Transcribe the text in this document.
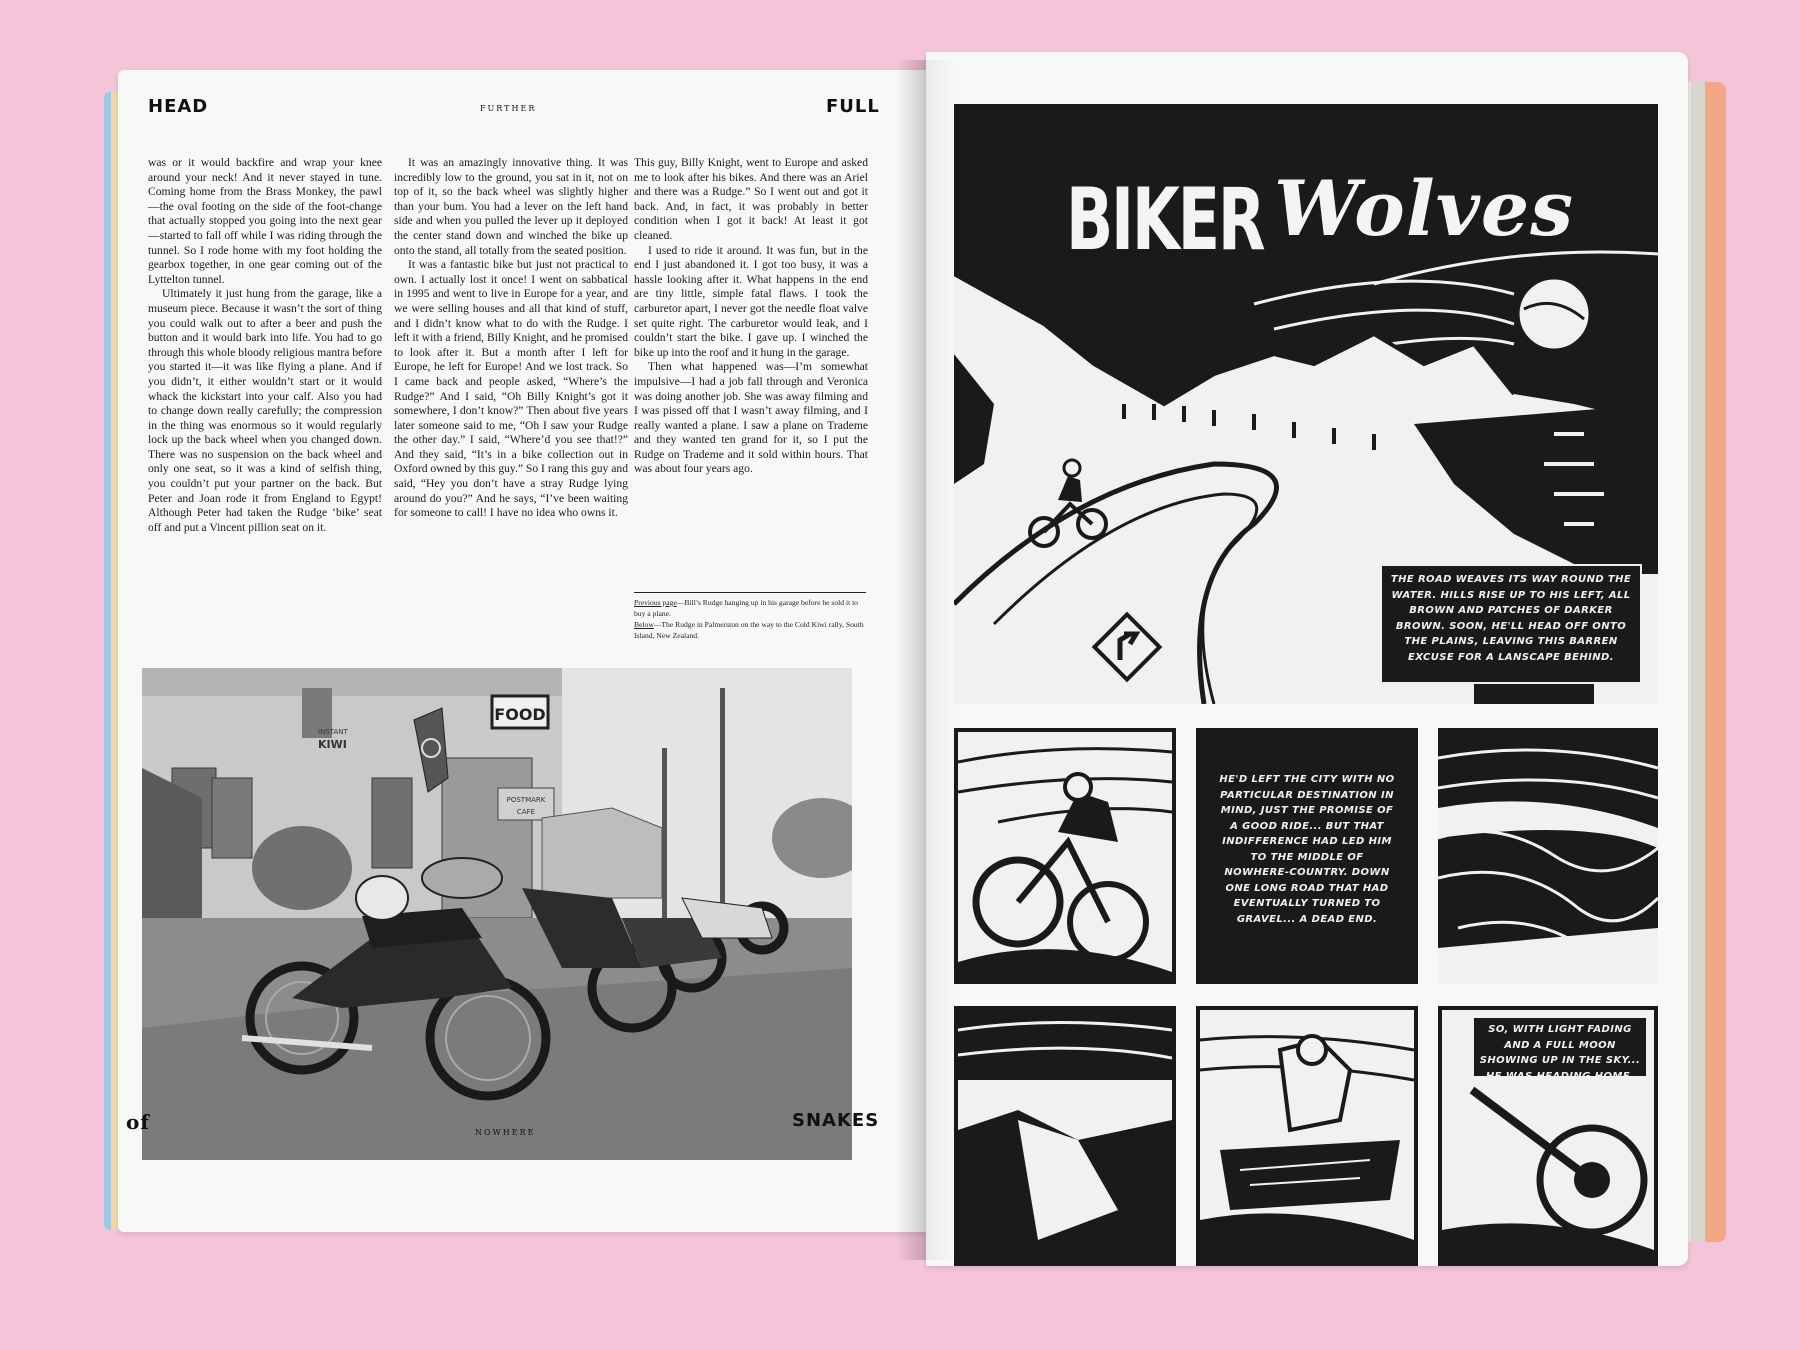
HEAD	FURTHER	FULL

was or it would backfire and wrap your knee around your neck! And it never stayed in tune. Coming home from the Brass Monkey, the pawl—the oval footing on the side of the foot-change that actually stopped you going into the next gear—started to fall off while I was riding through the tunnel. So I rode home with my foot holding the gearbox together, in one gear coming out of the Lyttelton tunnel.

Ultimately it just hung from the garage, like a museum piece. Because it wasn’t the sort of thing you could walk out to after a beer and push the button and it would bark into life. You had to go through this whole bloody religious mantra before you started it—it was like flying a plane. And if you didn’t, it either wouldn’t start or it would whack the kickstart into your calf. Also you had to change down really carefully; the compression in the thing was enormous so it would regularly lock up the back wheel when you changed down. There was no suspension on the back wheel and only one seat, so it was a kind of selfish thing, you couldn’t put your partner on the back. But Peter and Joan rode it from England to Egypt! Although Peter had taken the Rudge ‘bike’ seat off and put a Vincent pillion seat on it.

It was an amazingly innovative thing. It was incredibly low to the ground, you sat in it, not on top of it, so the back wheel was slightly higher than your bum. You had a lever on the left hand side and when you pulled the lever up it deployed the center stand down and winched the bike up onto the stand, all totally from the seated position.

It was a fantastic bike but just not practical to own. I actually lost it once! I went on sabbatical in 1995 and went to live in Europe for a year, and we were selling houses and all that kind of stuff, and I didn’t know what to do with the Rudge. I left it with a friend, Billy Knight, and he promised to look after it. But a month after I left for Europe, he left for Europe! And we lost track. So I came back and people asked, “Where’s the Rudge?” And I said, “Oh Billy Knight’s got it somewhere, I don’t know?” Then about five years later someone said to me, “Oh I saw your Rudge the other day.” I said, “Where’d you see that!?” And they said, “It’s in a bike collection out in Oxford owned by this guy.” So I rang this guy and said, “Hey you don’t have a stray Rudge lying around do you?” And he says, “I’ve been waiting for someone to call! I have no idea who owns it.

This guy, Billy Knight, went to Europe and asked me to look after his bikes. And there was an Ariel and there was a Rudge.” So I went out and got it back. And, in fact, it was probably in better condition when I got it back! At least it got cleaned.

I used to ride it around. It was fun, but in the end I just abandoned it. I got too busy, it was a hassle looking after it. What happens in the end are tiny little, simple fatal flaws. I took the carburetor apart, I never got the needle float valve set quite right. The carburetor would leak, and I couldn’t start the bike. I gave up. I winched the bike up into the roof and it hung in the garage.

Then what happened was—I’m somewhat impulsive—I had a job fall through and Veronica was doing another job. She was away filming and I was pissed off that I wasn’t away filming, and I really wanted a plane. I saw a plane on Trademe and they wanted ten grand for it, so I put the Rudge on Trademe and it sold within hours. That was about four years ago.

Previous page—Bill’s Rudge hanging up in his garage before he sold it to buy a plane.
Below—The Rudge in Palmerston on the way to the Cold Kiwi rally, South Island, New Zealand.
FOOD
INSTANT
KIWI
POSTMARK
CAFE
of	NOWHERE
SNAKES
BIKER Wolves
THE ROAD WEAVES ITS WAY ROUND THE WATER. HILLS RISE UP TO HIS LEFT, ALL BROWN AND PATCHES OF DARKER BROWN. SOON, HE'LL HEAD OFF ONTO THE PLAINS, LEAVING THIS BARREN EXCUSE FOR A LANSCAPE BEHIND.
HE'D LEFT THE CITY WITH NO PARTICULAR DESTINATION IN MIND, JUST THE PROMISE OF A GOOD RIDE... BUT THAT INDIFFERENCE HAD LED HIM TO THE MIDDLE OF NOWHERE-COUNTRY. DOWN ONE LONG ROAD THAT HAD EVENTUALLY TURNED TO GRAVEL... A DEAD END.
SO, WITH LIGHT FADING AND A FULL MOON SHOWING UP IN THE SKY... HE WAS HEADING HOME.
